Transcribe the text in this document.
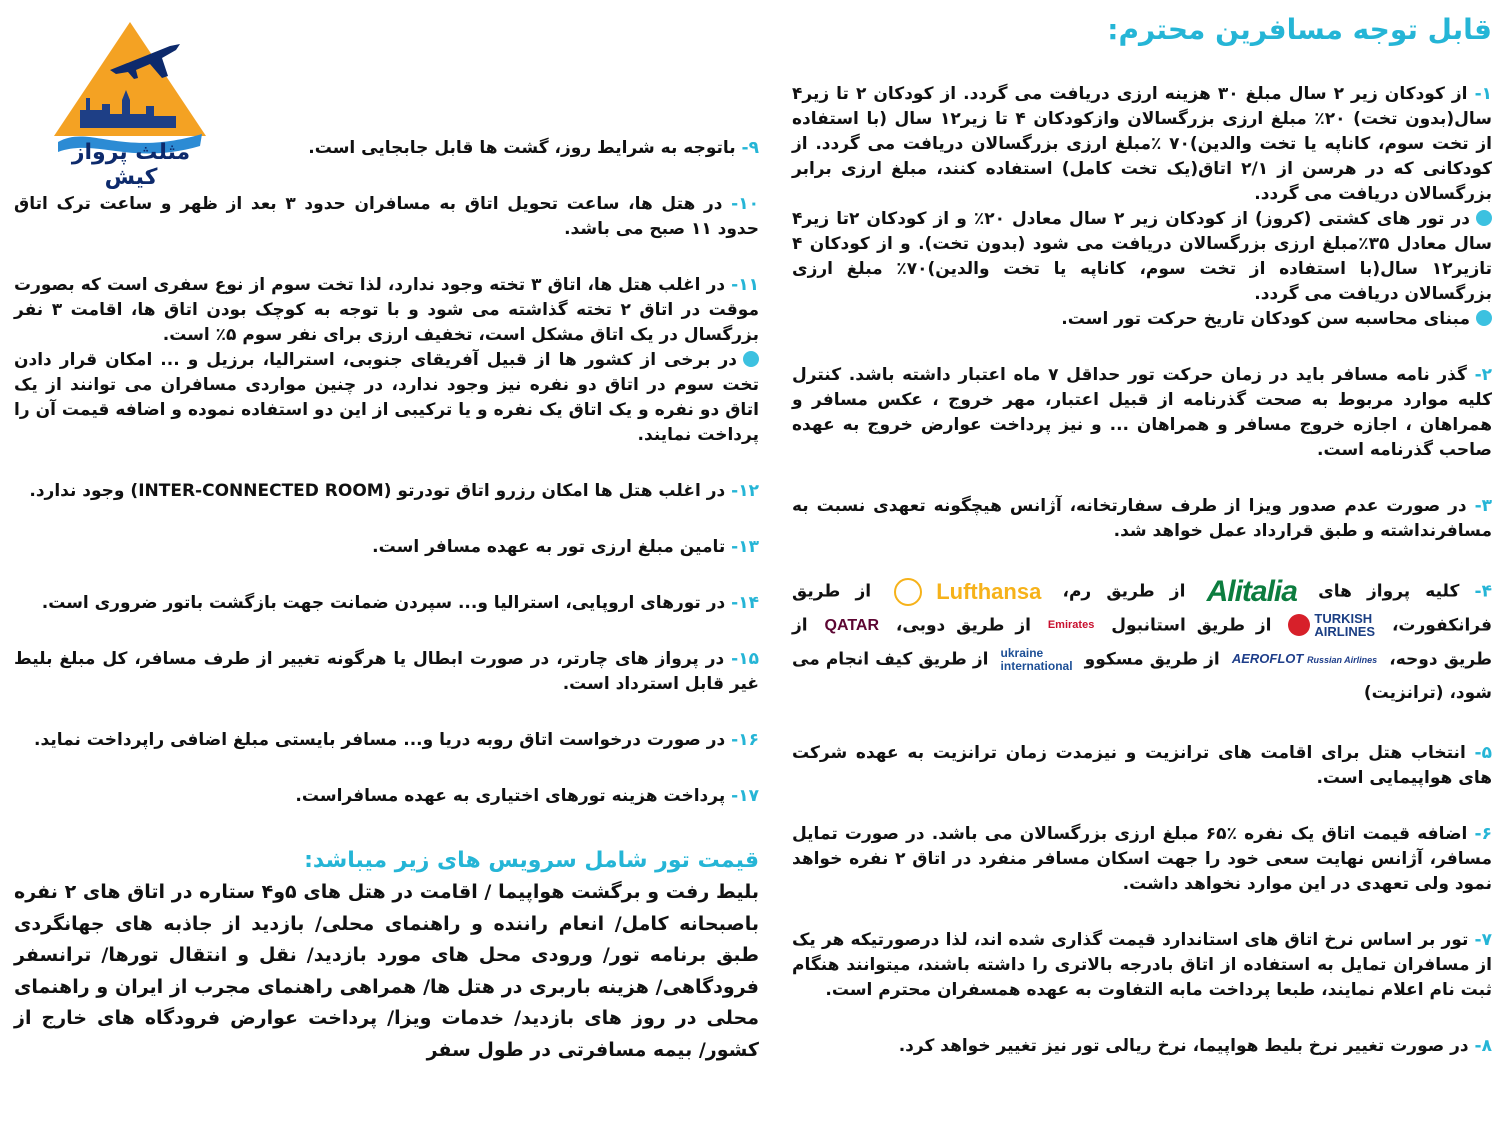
مثلث پرواز کیش
قابل توجه مسافرین محترم:
۱- از کودکان زیر ۲ سال مبلغ ۳۰ هزینه ارزی دریافت می گردد. از کودکان ۲ تا زیر۴ سال(بدون تخت) ۲۰٪ مبلغ ارزی بزرگسالان وازکودکان ۴ تا زیر۱۲ سال (با استفاده از تخت سوم، کاناپه یا تخت والدین)۷۰ ٪مبلغ ارزی بزرگسالان دریافت می گردد. از کودکانی که در هرسن از ۲/۱ اتاق(یک تخت کامل) استفاده کنند، مبلغ ارزی برابر بزرگسالان دریافت می گردد.
در تور های کشتی (کروز) از کودکان زیر ۲ سال معادل ۲۰٪ و از کودکان ۲تا زیر۴ سال معادل ۳۵٪مبلغ ارزی بزرگسالان دریافت می شود (بدون تخت). و از کودکان ۴ تازیر۱۲ سال(با استفاده از تخت سوم، کاناپه یا تخت والدین)۷۰٪ مبلغ ارزی بزرگسالان دریافت می گردد.
مبنای محاسبه سن کودکان تاریخ حرکت تور است.
۲- گذر نامه مسافر باید در زمان حرکت تور حداقل ۷ ماه اعتبار داشته باشد. کنترل کلیه موارد مربوط به صحت گذرنامه از قبیل اعتبار، مهر خروج ، عکس مسافر و همراهان ، اجازه خروج مسافر و همراهان ... و نیز پرداخت عوارض خروج به عهده صاحب گذرنامه است.
۳- در صورت عدم صدور ویزا از طرف سفارتخانه، آژانس هیچگونه تعهدی نسبت به مسافرنداشته و طبق قرارداد عمل خواهد شد.
۴- کلیه پرواز های Alitalia از طریق رم، Lufthansa از طریق فرانکفورت، TURKISH
AIRLINES از طریق استانبول Emirates از طریق دوبی، QATAR از طریق دوحه، AEROFLOT Russian Airlines از طریق مسکوو ukraine
international از طریق کیف انجام می شود، (ترانزیت)
۵- انتخاب هتل برای اقامت های ترانزیت و نیزمدت زمان ترانزیت به عهده شرکت های هواپیمایی است.
۶- اضافه قیمت اتاق یک نفره ٪۶۵ مبلغ ارزی بزرگسالان می باشد. در صورت تمایل مسافر، آژانس نهایت سعی خود را جهت اسکان مسافر منفرد در اتاق ۲ نفره خواهد نمود ولی تعهدی در این موارد نخواهد داشت.
۷- تور بر اساس نرخ اتاق های استاندارد قیمت گذاری شده اند، لذا درصورتیکه هر یک از مسافران تمایل به استفاده از اتاق بادرجه بالاتری را داشته باشند، میتوانند هنگام ثبت نام اعلام نمایند، طبعا پرداخت مابه التفاوت به عهده همسفران محترم است.
۸- در صورت تغییر نرخ بلیط هواپیما، نرخ ریالی تور نیز تغییر خواهد کرد.
۹- باتوجه به شرایط روز، گشت ها قابل جابجایی است.
۱۰- در هتل ها، ساعت تحویل اتاق به مسافران حدود ۳ بعد از ظهر و ساعت ترک اتاق حدود ۱۱ صبح می باشد.
۱۱- در اغلب هتل ها، اتاق ۳ تخته وجود ندارد، لذا تخت سوم از نوع سفری است که بصورت موقت در اتاق ۲ تخته گذاشته می شود و با توجه به کوچک بودن اتاق ها، اقامت ۳ نفر بزرگسال در یک اتاق مشکل است، تخفیف ارزی برای نفر سوم ۵٪ است.
در برخی از کشور ها از قبیل آفریقای جنوبی، استرالیا، برزیل و ... امکان قرار دادن تخت سوم در اتاق دو نفره نیز وجود ندارد، در چنین مواردی مسافران می توانند از یک اتاق دو نفره و یک اتاق یک نفره و یا ترکیبی از این دو استفاده نموده و اضافه قیمت آن را پرداخت نمایند.
۱۲- در اغلب هتل ها امکان رزرو اتاق تودرتو (INTER-CONNECTED ROOM) وجود ندارد.
۱۳- تامین مبلغ ارزی تور به عهده مسافر است.
۱۴- در تورهای اروپایی، استرالیا و... سپردن ضمانت جهت بازگشت باتور ضروری است.
۱۵- در پرواز های چارتر، در صورت ابطال یا هرگونه تغییر از طرف مسافر، کل مبلغ بلیط غیر قابل استرداد است.
۱۶- در صورت درخواست اتاق روبه دریا و... مسافر بایستی مبلغ اضافی راپرداخت نماید.
۱۷- پرداخت هزینه تورهای اختیاری به عهده مسافراست.
قیمت تور شامل سرویس های زیر میباشد:
بلیط رفت و برگشت هواپیما / اقامت در هتل های ۵و۴ ستاره در اتاق های ۲ نفره باصبحانه کامل/ انعام راننده و راهنمای محلی/ بازدید از جاذبه های جهانگردی طبق برنامه تور/ ورودی محل های مورد بازدید/ نقل و انتقال تورها/ ترانسفر فرودگاهی/ هزینه باربری در هتل ها/ همراهی راهنمای مجرب از ایران و راهنمای محلی در روز های بازدید/ خدمات ویزا/ پرداخت عوارض فرودگاه های خارج از کشور/ بیمه مسافرتی در طول سفر
